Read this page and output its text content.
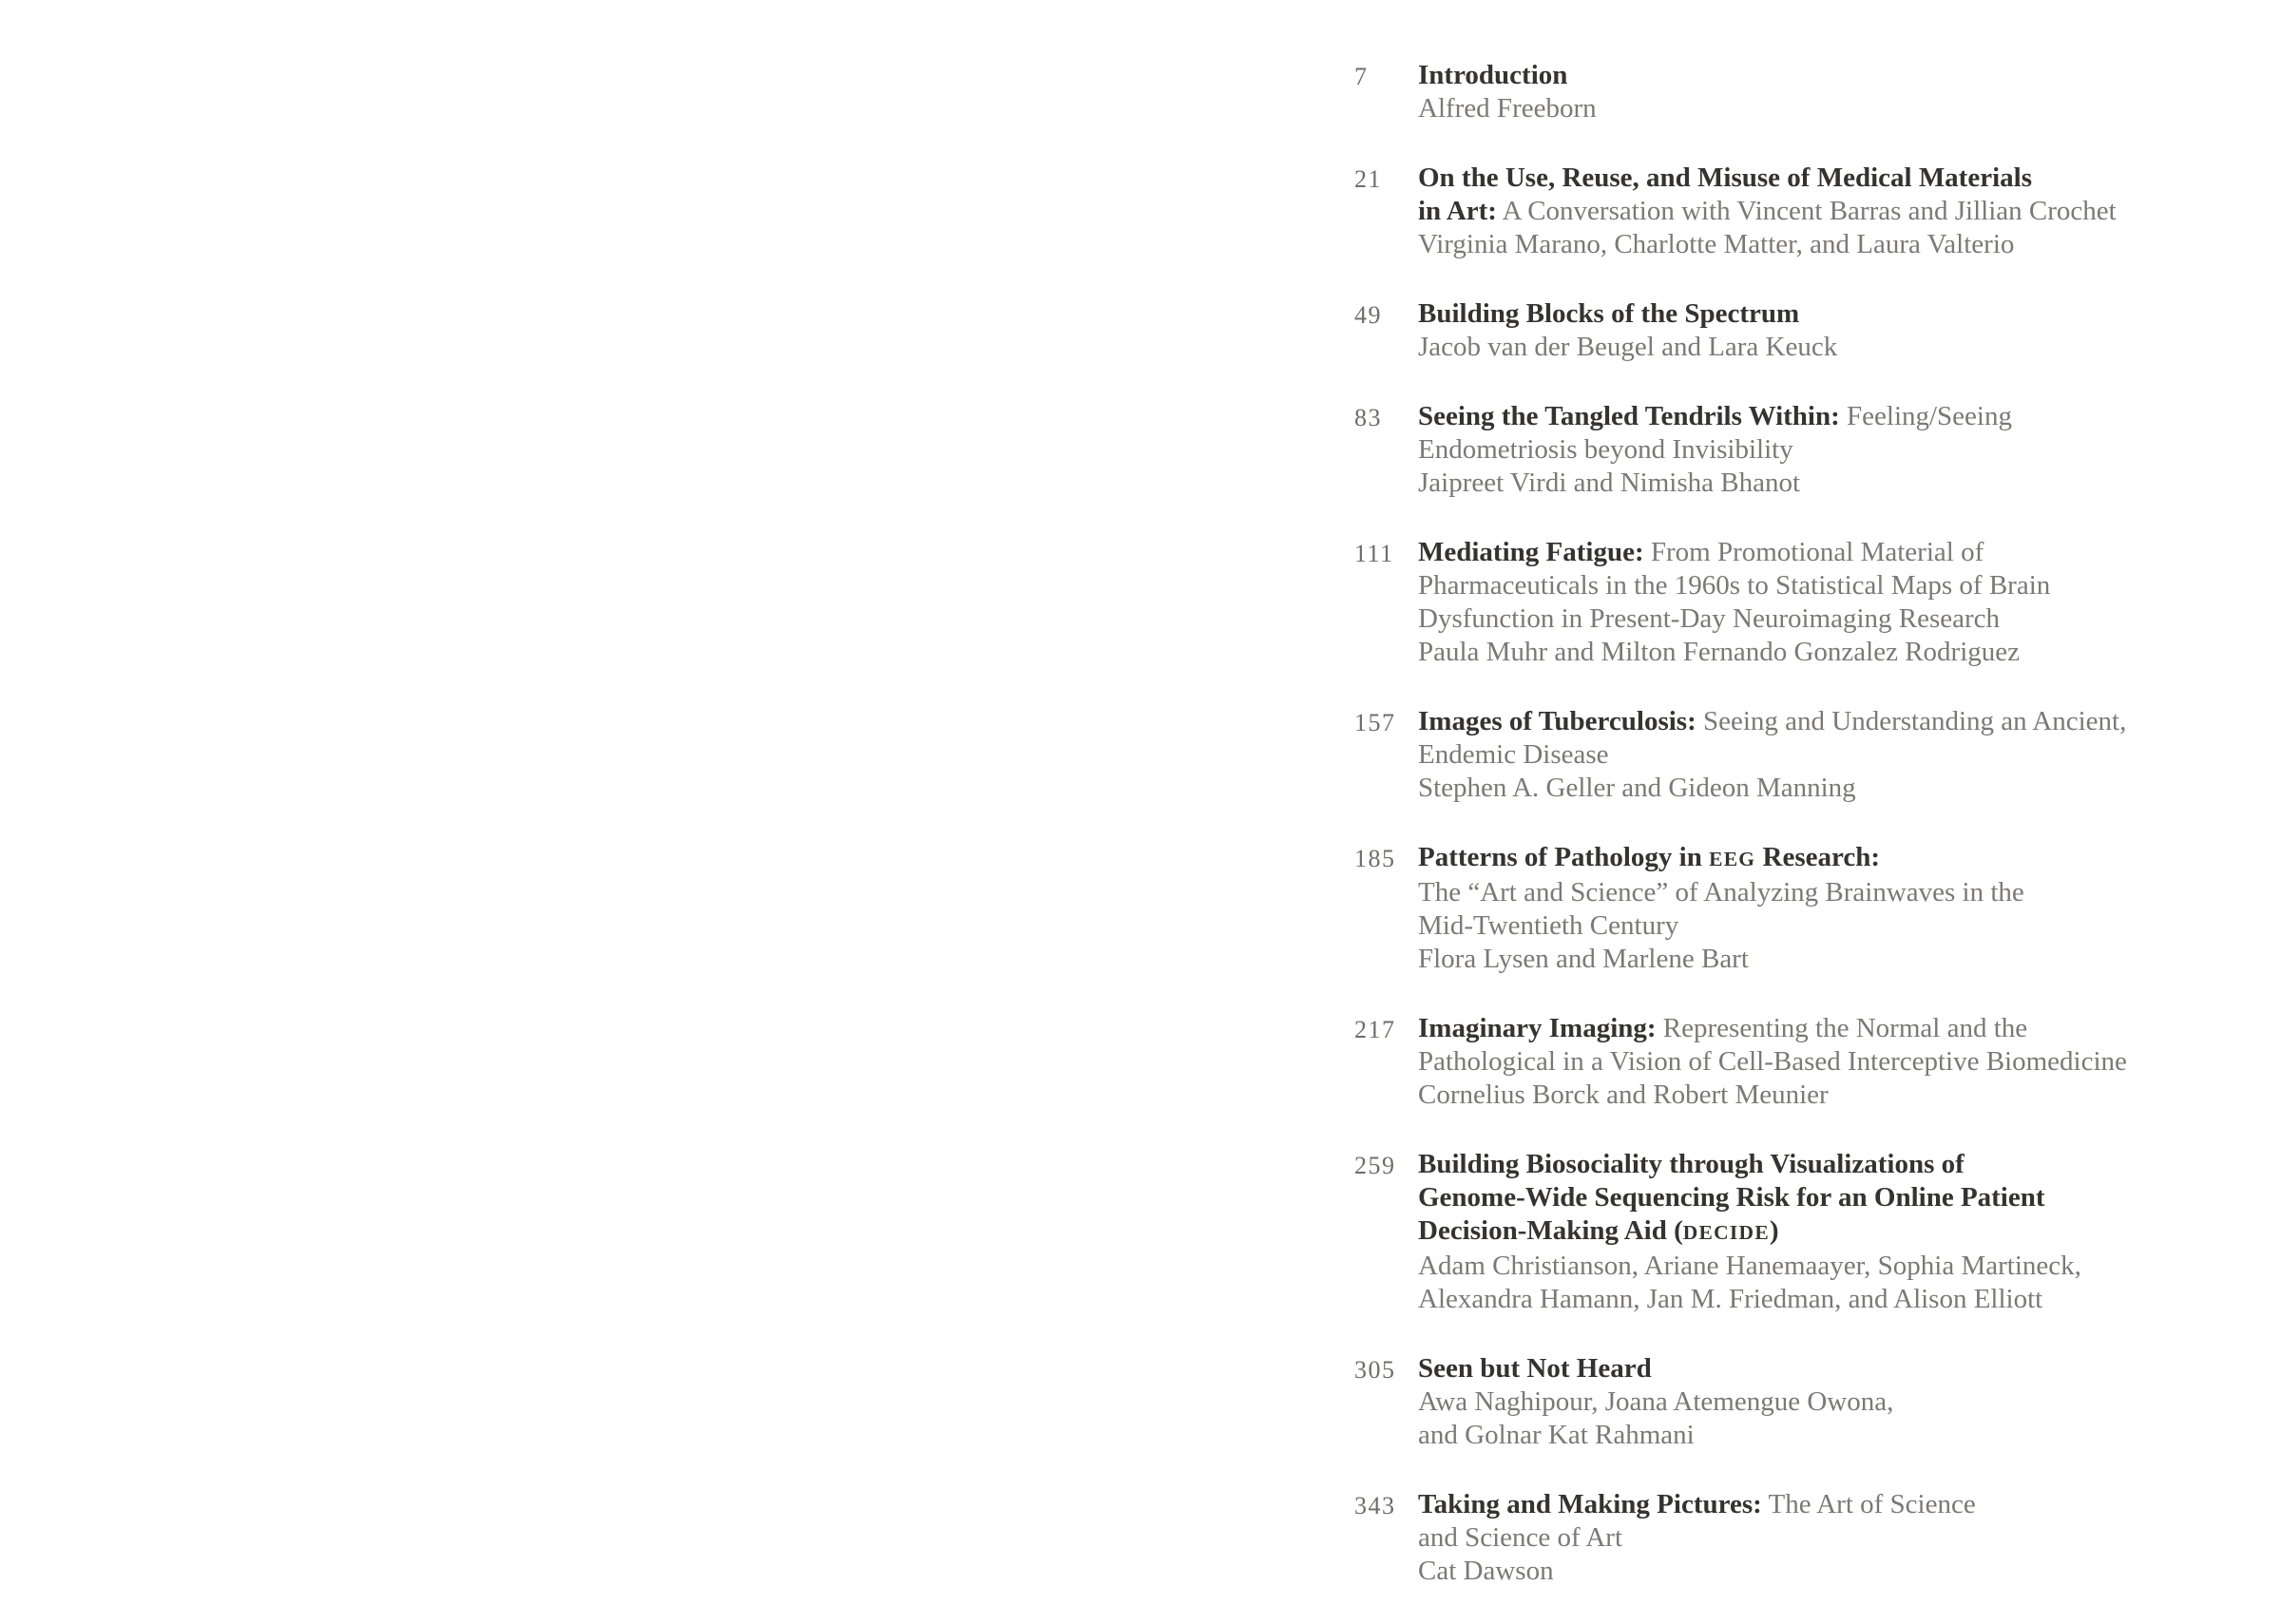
7	Introduction
Alfred Freeborn
21	On the Use, Reuse, and Misuse of Medical Materials
in Art: A Conversation with Vincent Barras and Jillian Crochet
Virginia Marano, Charlotte Matter, and Laura Valterio
49	Building Blocks of the Spectrum
Jacob van der Beugel and Lara Keuck
83	Seeing the Tangled Tendrils Within: Feeling/Seeing
Endometriosis beyond Invisibility
Jaipreet Virdi and Nimisha Bhanot
111 Mediating Fatigue: From Promotional Material of
Pharmaceuticals in the 1960s to Statistical Maps of Brain
Dysfunction in Present-Day Neuroimaging Research
Paula Muhr and Milton Fernando Gonzalez Rodriguez
157 Images of Tuberculosis: Seeing and Understanding an Ancient,
Endemic Disease
Stephen A. Geller and Gideon Manning
185 Patterns of Pathology in EEG Research:
The “Art and Science” of Analyzing Brainwaves in the
Mid-Twentieth Century
Flora Lysen and Marlene Bart
217 Imaginary Imaging: Representing the Normal and the
Pathological in a Vision of Cell-Based Interceptive Biomedicine
Cornelius Borck and Robert Meunier
259 Building Biosociality through Visualizations of
Genome-Wide Sequencing Risk for an Online Patient
Decision-Making Aid (DECIDE)
Adam Christianson, Ariane Hanemaayer, Sophia Martineck,
Alexandra Hamann, Jan M. Friedman, and Alison Elliott
305 Seen but Not Heard
Awa Naghipour, Joana Atemengue Owona,
and Golnar Kat Rahmani
343 Taking and Making Pictures: The Art of Science
and Science of Art
Cat Dawson
